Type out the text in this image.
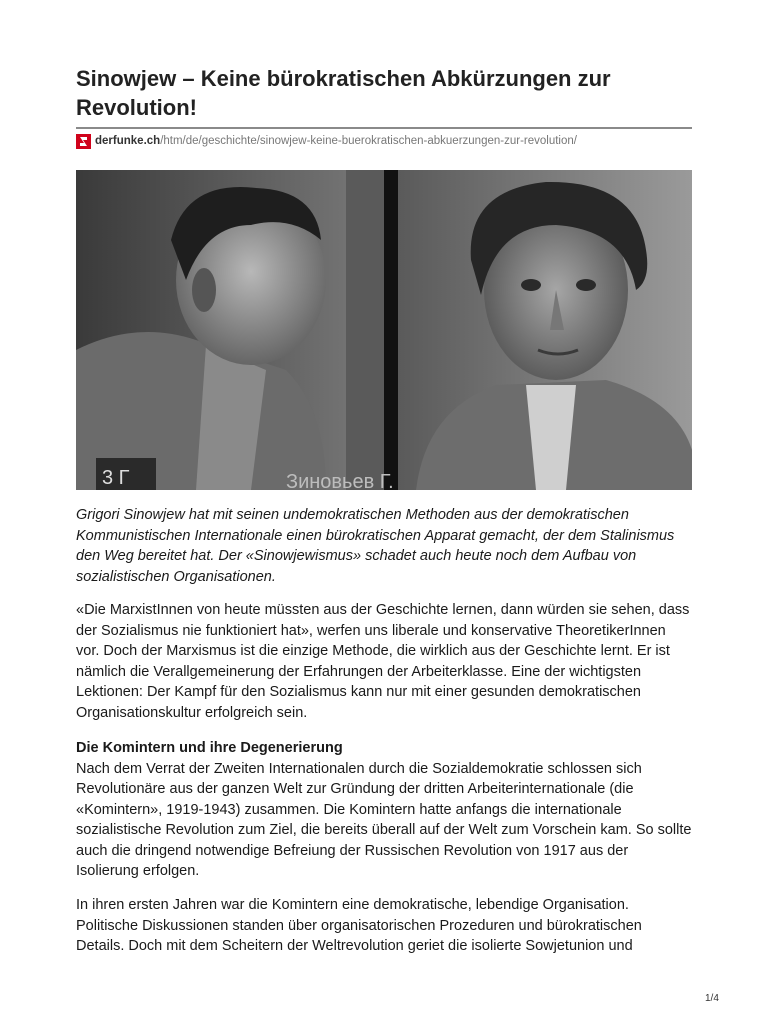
Sinowjew – Keine bürokratischen Abkürzungen zur Revolution!
derfunke.ch /htm/de/geschichte/sinowjew-keine-buerokratischen-abkuerzungen-zur-revolution/
3 Г	Зиновьев Г.

Grigori Sinowjew hat mit seinen undemokratischen Methoden aus der demokratischen Kommunistischen Internationale einen bürokratischen Apparat gemacht, der dem Stalinismus den Weg bereitet hat. Der «Sinowjewismus» schadet auch heute noch dem Aufbau von sozialistischen Organisationen.

«Die MarxistInnen von heute müssten aus der Geschichte lernen, dann würden sie sehen, dass der Sozialismus nie funktioniert hat», werfen uns liberale und konservative TheoretikerInnen vor. Doch der Marxismus ist die einzige Methode, die wirklich aus der Geschichte lernt. Er ist nämlich die Verallgemeinerung der Erfahrungen der Arbeiterklasse. Eine der wichtigsten Lektionen: Der Kampf für den Sozialismus kann nur mit einer gesunden demokratischen Organisationskultur erfolgreich sein.

Die Komintern und ihre Degenerierung

Nach dem Verrat der Zweiten Internationalen durch die Sozialdemokratie schlossen sich Revolutionäre aus der ganzen Welt zur Gründung der dritten Arbeiterinternationale (die «Komintern», 1919-1943) zusammen. Die Komintern hatte anfangs die internationale sozialistische Revolution zum Ziel, die bereits überall auf der Welt zum Vorschein kam. So sollte auch die dringend notwendige Befreiung der Russischen Revolution von 1917 aus der Isolierung erfolgen.

In ihren ersten Jahren war die Komintern eine demokratische, lebendige Organisation. Politische Diskussionen standen über organisatorischen Prozeduren und bürokratischen Details. Doch mit dem Scheitern der Weltrevolution geriet die isolierte Sowjetunion und

1/4
